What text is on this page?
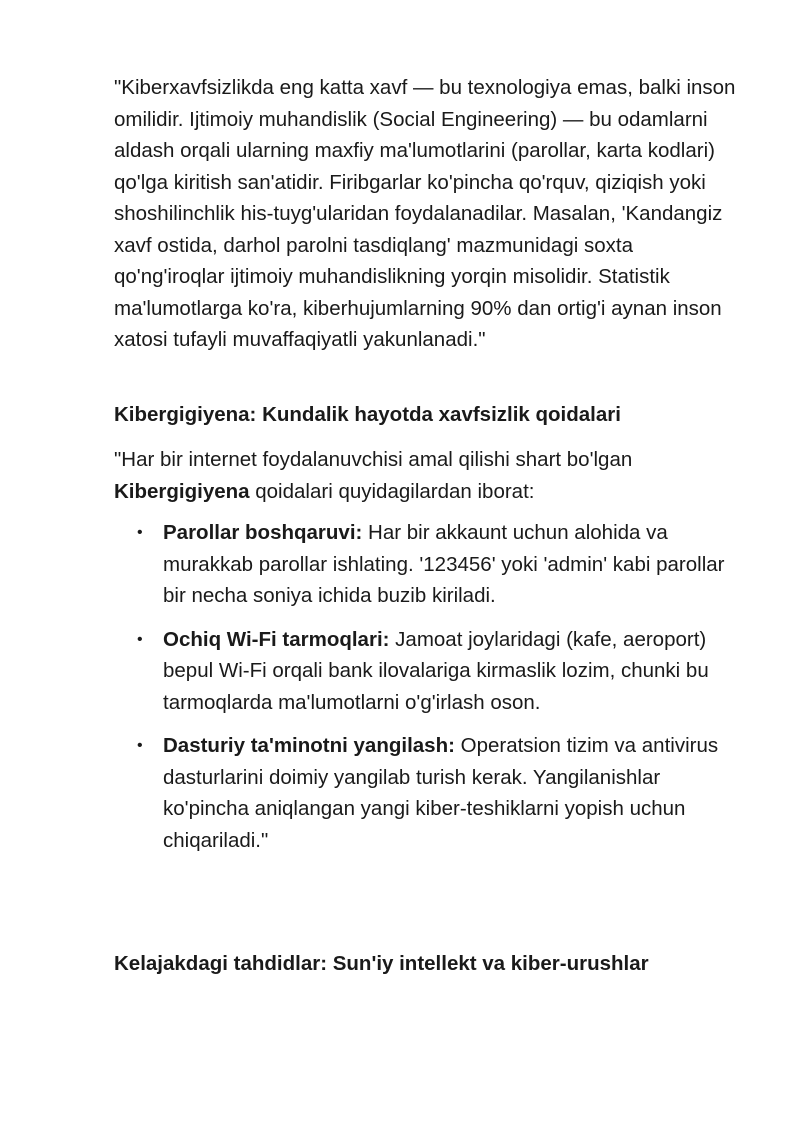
"Kiberxavfsizlikda eng katta xavf — bu texnologiya emas, balki inson omilidir. Ijtimoiy muhandislik (Social Engineering) — bu odamlarni aldash orqali ularning maxfiy ma'lumotlarini (parollar, karta kodlari) qo'lga kiritish san'atidir. Firibgarlar ko'pincha qo'rquv, qiziqish yoki shoshilinchlik his-tuyg'ularidan foydalanadilar. Masalan, 'Kandangiz xavf ostida, darhol parolni tasdiqlang' mazmunidagi soxta qo'ng'iroqlar ijtimoiy muhandislikning yorqin misolidir. Statistik ma'lumotlarga ko'ra, kiberhujumlarning 90% dan ortig'i aynan inson xatosi tufayli muvaffaqiyatli yakunlanadi."

Kibergigiyena: Kundalik hayotda xavfsizlik qoidalari

"Har bir internet foydalanuvchisi amal qilishi shart bo'lgan Kibergigiyena qoidalari quyidagilardan iborat:

• Parollar boshqaruvi: Har bir akkaunt uchun alohida va murakkab parollar ishlating. '123456' yoki 'admin' kabi parollar bir necha soniya ichida buzib kiriladi.
• Ochiq Wi-Fi tarmoqlari: Jamoat joylaridagi (kafe, aeroport) bepul Wi-Fi orqali bank ilovalariga kirmaslik lozim, chunki bu tarmoqlarda ma'lumotlarni o'g'irlash oson.
• Dasturiy ta'minotni yangilash: Operatsion tizim va antivirus dasturlarini doimiy yangilab turish kerak. Yangilanishlar ko'pincha aniqlangan yangi kiber-teshiklarni yopish uchun chiqariladi."
Kelajakdagi tahdidlar: Sun'iy intellekt va kiber-urushlar
